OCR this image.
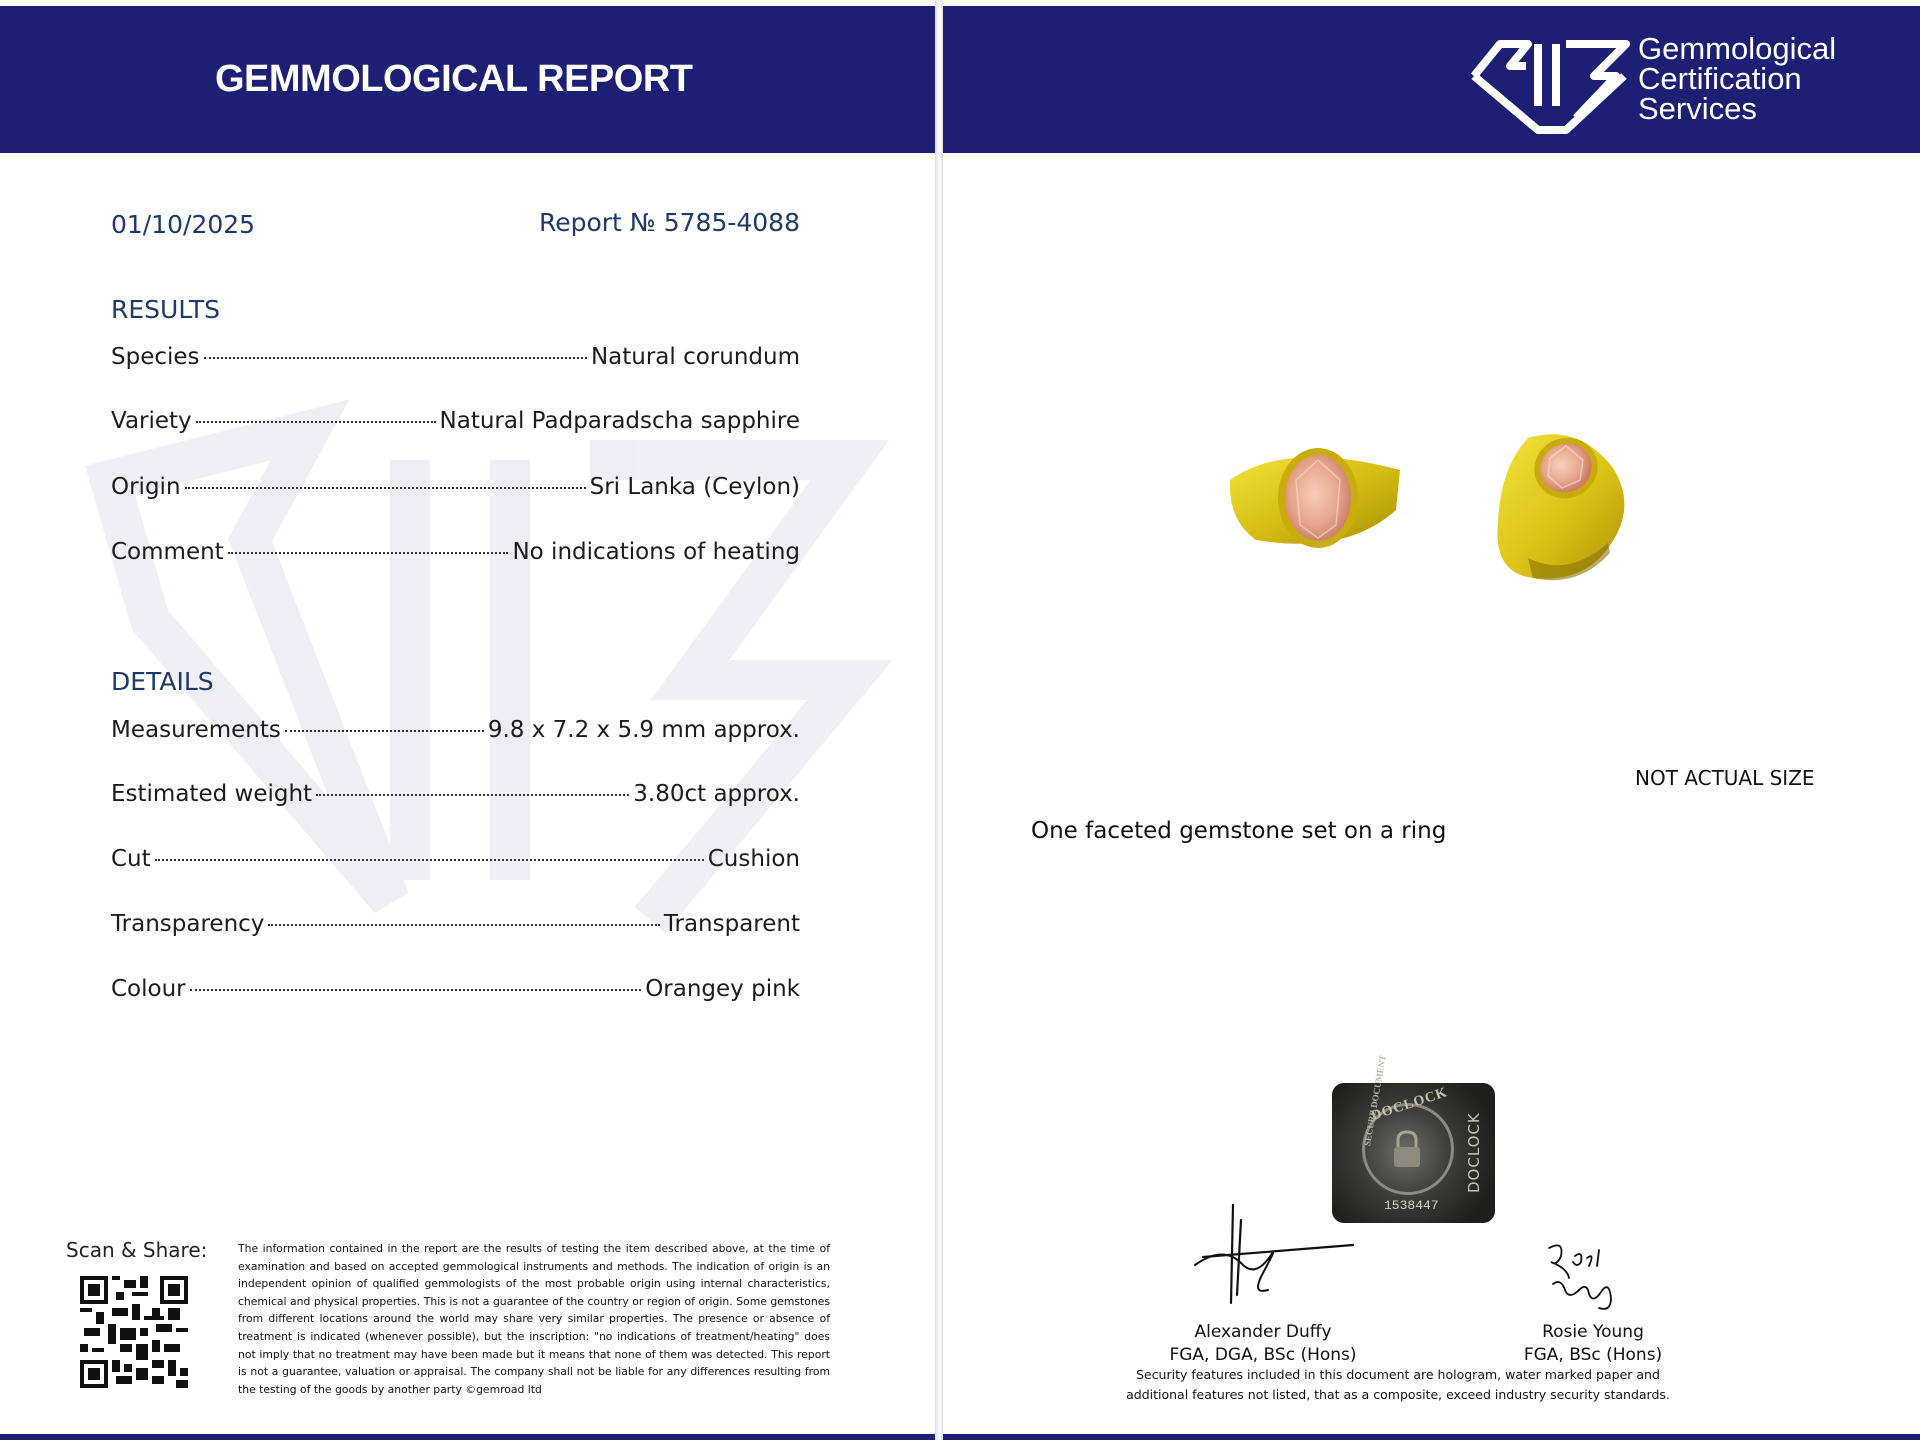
GEMMOLOGICAL REPORT
01/10/2025	Report № 5785-4088
RESULTS
Species	Natural corundum
Variety	Natural Padparadscha sapphire
Origin	Sri Lanka (Ceylon)
Comment	No indications of heating
DETAILS
Measurements	9.8 x 7.2 x 5.9 mm approx.
Estimated weight	3.80ct approx.
Cut	Cushion
Transparency	Transparent
Colour	Orangey pink
Scan & Share:	The information contained in the report are the results of testing the item described above, at the time of examination and based on accepted gemmological instruments and methods. The indication of origin is an independent opinion of qualified gemmologists of the most probable origin using internal characteristics, chemical and physical properties. This is not a guarantee of the country or region of origin. Some gemstones from different locations around the world may share very similar properties. The presence or absence of treatment is indicated (whenever possible), but the inscription: "no indications of treatment/heating" does not imply that no treatment may have been made but it means that none of them was detected. This report is not a guarantee, valuation or appraisal. The company shall not be liable for any differences resulting from the testing of the goods by another party ©gemroad ltd
Gemmological
Certification
Services
NOT ACTUAL SIZE
One faceted gemstone set on a ring
DOCLOCK
SECURE DOCUMENT
DOCLOCK
1538447
Alexander Duffy
FGA, DGA, BSc (Hons)
Rosie Young
FGA, BSc (Hons)
Security features included in this document are hologram, water marked paper and additional features not listed, that as a composite, exceed industry security standards.
